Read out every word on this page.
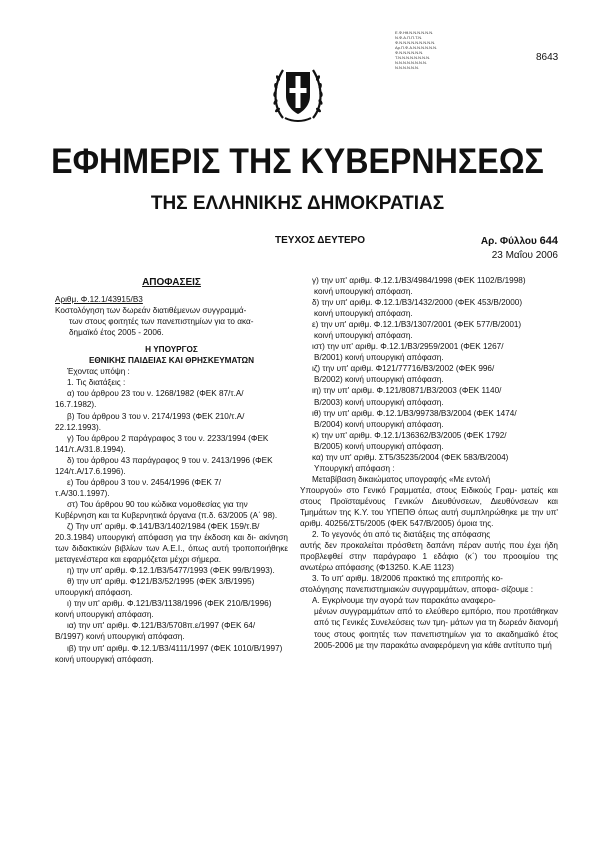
Ε.Φ.Ηθ.Ν.Ν.Ν.Ν.Ν.Ν.
Ν.Φ.Α.Π.Π.Τ.Ν.
Φ.Ν.Ν.Ν.Ν.Ν.Ν.Ν.Ν.Ν.
Αρ.Π.Φ.Α.Ν.Ν.Ν.Ν.Ν.Ν.
Φ.Ν.Ν.Ν.Ν.Ν.Ν.
Τ.Ν.Ν.Ν.Ν.Ν.Ν.Ν.Ν.
Ν.Ν.Ν.Ν.Ν.Ν.Ν.Ν.
Ν.Ν.Ν.Ν.Ν.Ν.
8643
ΕΦΗΜΕΡΙΣ ΤΗΣ ΚΥΒΕΡΝΗΣΕΩΣ
ΤΗΣ ΕΛΛΗΝΙΚΗΣ ΔΗΜΟΚΡΑΤΙΑΣ
ΤΕΥΧΟΣ ΔΕΥΤΕΡΟ	Αρ. Φύλλου 644
23 Μαΐου 2006

ΑΠΟΦΑΣΕΙΣ

Αριθμ. Φ.12.1/43915/Β3

Κοστολόγηση των δωρεάν διατιθέμενων συγγραμμά-

των στους φοιτητές των πανεπιστημίων για το ακα-

δημαϊκό έτος 2005 - 2006.

Η ΥΠΟΥΡΓΟΣ

ΕΘΝΙΚΗΣ ΠΑΙΔΕΙΑΣ ΚΑΙ ΘΡΗΣΚΕΥΜΑΤΩΝ

Έχοντας υπόψη :

1. Τις διατάξεις :

α) του άρθρου 23 του ν. 1268/1982 (ΦΕΚ 87/τ.Α/

16.7.1982).

β) Του άρθρου 3 του ν. 2174/1993 (ΦΕΚ 210/τ.Α/

22.12.1993).

γ) Του άρθρου 2 παράγραφος 3 του ν. 2233/1994 (ΦΕΚ

141/τ.Α/31.8.1994).

δ) του άρθρου 43 παράγραφος 9 του ν. 2413/1996 (ΦΕΚ

124/τ.Α/17.6.1996).

ε) Του άρθρου 3 του ν. 2454/1996 (ΦΕΚ 7/

τ.Α/30.1.1997).

στ) Του άρθρου 90 του κώδικα νομοθεσίας για την

Κυβέρνηση και τα Κυβερνητικά όργανα (π.δ. 63/2005 (Α΄ 98).

ζ) Την υπ' αριθμ. Φ.141/Β3/1402/1984 (ΦΕΚ 159/τ.Β/

20.3.1984) υπουργική απόφαση για την έκδοση και δι- ακίνηση των διδακτικών βιβλίων των Α.Ε.Ι., όπως αυτή τροποποιήθηκε μεταγενέστερα και εφαρμόζεται μέχρι σήμερα.

η) την υπ' αριθμ. Φ.12.1/Β3/5477/1993 (ΦΕΚ 99/Β/1993).

θ) την υπ' αριθμ. Φ121/Β3/52/1995 (ΦΕΚ 3/Β/1995)

υπουργική απόφαση.

ι) την υπ' αριθμ. Φ.121/Β3/1138/1996 (ΦΕΚ 210/Β/1996)

κοινή υπουργική απόφαση.

ια) την υπ' αριθμ. Φ.121/Β3/5708π.ε/1997 (ΦΕΚ 64/

Β/1997) κοινή υπουργική απόφαση.

ιβ) την υπ' αριθμ. Φ.12.1/Β3/4111/1997 (ΦΕΚ 1010/Β/1997)

κοινή υπουργική απόφαση.

γ) την υπ' αριθμ. Φ.12.1/Β3/4984/1998 (ΦΕΚ 1102/Β/1998)

κοινή υπουργική απόφαση.

δ) την υπ' αριθμ. Φ.12.1/Β3/1432/2000 (ΦΕΚ 453/Β/2000)

κοινή υπουργική απόφαση.

ε) την υπ' αριθμ. Φ.12.1/Β3/1307/2001 (ΦΕΚ 577/Β/2001)

κοινή υπουργική απόφαση.

ιστ) την υπ' αριθμ. Φ.12.1/Β3/2959/2001 (ΦΕΚ 1267/

Β/2001) κοινή υπουργική απόφαση.

ιζ) την υπ' αριθμ. Φ121/77716/Β3/2002 (ΦΕΚ 996/

Β/2002) κοινή υπουργική απόφαση.

ιη) την υπ' αριθμ. Φ.121/80871/Β3/2003 (ΦΕΚ 1140/

Β/2003) κοινή υπουργική απόφαση.

ιθ) την υπ' αριθμ. Φ.12.1/Β3/99738/Β3/2004 (ΦΕΚ 1474/

Β/2004) κοινή υπουργική απόφαση.

κ) την υπ' αριθμ. Φ.12.1/136362/Β3/2005 (ΦΕΚ 1792/

Β/2005) κοινή υπουργική απόφαση.

κα) την υπ' αριθμ. ΣΤ5/35235/2004 (ΦΕΚ 583/Β/2004)

Υπουργική απόφαση :

Μεταβίβαση δικαιώματος υπογραφής «Με εντολή

Υπουργού» στο Γενικό Γραμματέα, στους Ειδικούς Γραμ- ματείς και στους Προϊσταμένους Γενικών Διευθύνσεων, Διευθύνσεων και Τμημάτων της Κ.Υ. του ΥΠΕΠΘ όπως αυτή συμπληρώθηκε με την υπ' αριθμ. 40256/ΣΤ5/2005 (ΦΕΚ 547/Β/2005) όμοια της.

2. Το γεγονός ότι από τις διατάξεις της απόφασης

αυτής δεν προκαλείται πρόσθετη δαπάνη πέραν αυτής που έχει ήδη προβλεφθεί στην παράγραφο 1 εδάφιο (κ΄) του προοιμίου της ανωτέρω απόφασης (Φ13250. Κ.ΑΕ 1123)

3. Το υπ' αριθμ. 18/2006 πρακτικό της επιτροπής κο-

στολόγησης πανεπιστημιακών συγγραμμάτων, αποφα- σίζουμε :

Α. Εγκρίνουμε την αγορά των παρακάτω αναφερο-

μένων συγγραμμάτων από το ελεύθερο εμπόριο, που προτάθηκαν από τις Γενικές Συνελεύσεις των τμη- μάτων για τη δωρεάν διανομή τους στους φοιτητές των πανεπιστημίων για το ακαδημαϊκό έτος 2005-2006 με την παρακάτω αναφερόμενη για κάθε αντίτυπο τιμή
